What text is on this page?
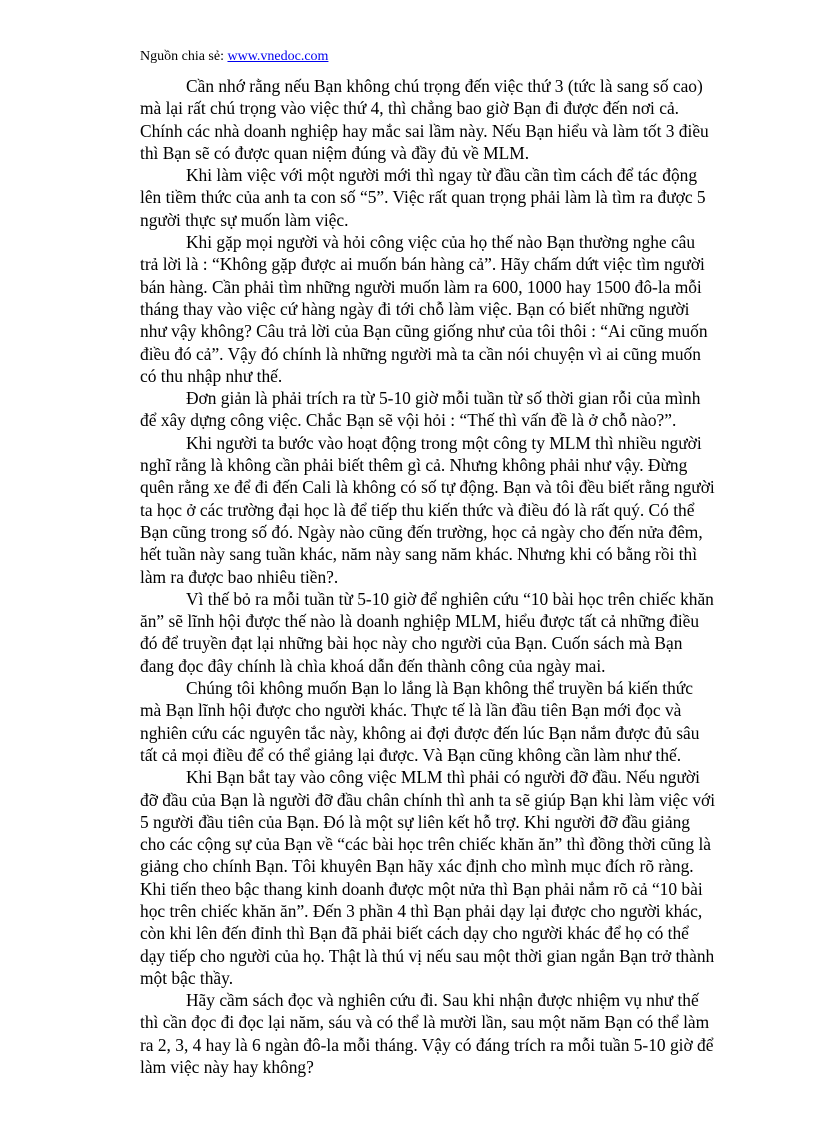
Nguồn chia sẻ: www.vnedoc.com

Cần nhớ rằng nếu Bạn không chú trọng đến việc thứ 3 (tức là sang số cao) mà lại rất chú trọng vào việc thứ 4, thì chẳng bao giờ Bạn đi được đến nơi cả. Chính các nhà doanh nghiệp hay mắc sai lầm này. Nếu Bạn hiểu và làm tốt 3 điều thì Bạn sẽ có được quan niệm đúng và đầy đủ về MLM.

Khi làm việc với một người mới thì ngay từ đầu cần tìm cách để tác động lên tiềm thức của anh ta con số “5”. Việc rất quan trọng phải làm là tìm ra được 5 người thực sự muốn làm việc.

Khi gặp mọi người và hỏi công việc của họ thế nào Bạn thường nghe câu trả lời là : “Không gặp được ai muốn bán hàng cả”. Hãy chấm dứt việc tìm người bán hàng. Cần phải tìm những người muốn làm ra 600, 1000 hay 1500 đô-la mỗi tháng thay vào việc cứ hàng ngày đi tới chỗ làm việc. Bạn có biết những người như vậy không? Câu trả lời của Bạn cũng giống như của tôi thôi : “Ai cũng muốn điều đó cả”. Vậy đó chính là những người mà ta cần nói chuyện vì ai cũng muốn có thu nhập như thế.

Đơn giản là phải trích ra từ 5-10 giờ mỗi tuần từ số thời gian rỗi của mình để xây dựng công việc. Chắc Bạn sẽ vội hỏi : “Thế thì vấn đề là ở chỗ nào?”.

Khi người ta bước vào hoạt động trong một công ty MLM thì nhiều người nghĩ rằng là không cần phải biết thêm gì cả. Nhưng không phải như vậy. Đừng quên rằng xe để đi đến Cali là không có số tự động. Bạn và tôi đều biết rằng người ta học ở các trường đại học là để tiếp thu kiến thức và điều đó là rất quý. Có thể Bạn cũng trong số đó. Ngày nào cũng đến trường, học cả ngày cho đến nửa đêm, hết tuần này sang tuần khác, năm này sang năm khác. Nhưng khi có bằng rồi thì làm ra được bao nhiêu tiền?.

Vì thế bỏ ra mỗi tuần từ 5-10 giờ để nghiên cứu “10 bài học trên chiếc khăn ăn” sẽ lĩnh hội được thế nào là doanh nghiệp MLM, hiểu được tất cả những điều đó để truyền đạt lại những bài học này cho người của Bạn. Cuốn sách mà Bạn đang đọc đây chính là chìa khoá dẫn đến thành công của ngày mai.

Chúng tôi không muốn Bạn lo lắng là Bạn không thể truyền bá kiến thức mà Bạn lĩnh hội được cho người khác. Thực tế là lần đầu tiên Bạn mới đọc và nghiên cứu các nguyên tắc này, không ai đợi được đến lúc Bạn nắm được đủ sâu tất cả mọi điều để có thể giảng lại được. Và Bạn cũng không cần làm như thế.

Khi Bạn bắt tay vào công việc MLM thì phải có người đỡ đầu. Nếu người đỡ đầu của Bạn là người đỡ đầu chân chính thì anh ta sẽ giúp Bạn khi làm việc với 5 người đầu tiên của Bạn. Đó là một sự liên kết hỗ trợ. Khi người đỡ đầu giảng cho các cộng sự của Bạn về “các bài học trên chiếc khăn ăn” thì đồng thời cũng là giảng cho chính Bạn. Tôi khuyên Bạn hãy xác định cho mình mục đích rõ ràng. Khi tiến theo bậc thang kinh doanh được một nửa thì Bạn phải nắm rõ cả “10 bài học trên chiếc khăn ăn”. Đến 3 phần 4 thì Bạn phải dạy lại được cho người khác, còn khi lên đến đỉnh thì Bạn đã phải biết cách dạy cho người khác để họ có thể dạy tiếp cho người của họ. Thật là thú vị nếu sau một thời gian ngắn Bạn trở thành một bậc thầy.

Hãy cầm sách đọc và nghiên cứu đi. Sau khi nhận được nhiệm vụ như thế thì cần đọc đi đọc lại năm, sáu và có thể là mười lần, sau một năm Bạn có thể làm ra 2, 3, 4 hay là 6 ngàn đô-la mỗi tháng. Vậy có đáng trích ra mỗi tuần 5-10 giờ để làm việc này hay không?
